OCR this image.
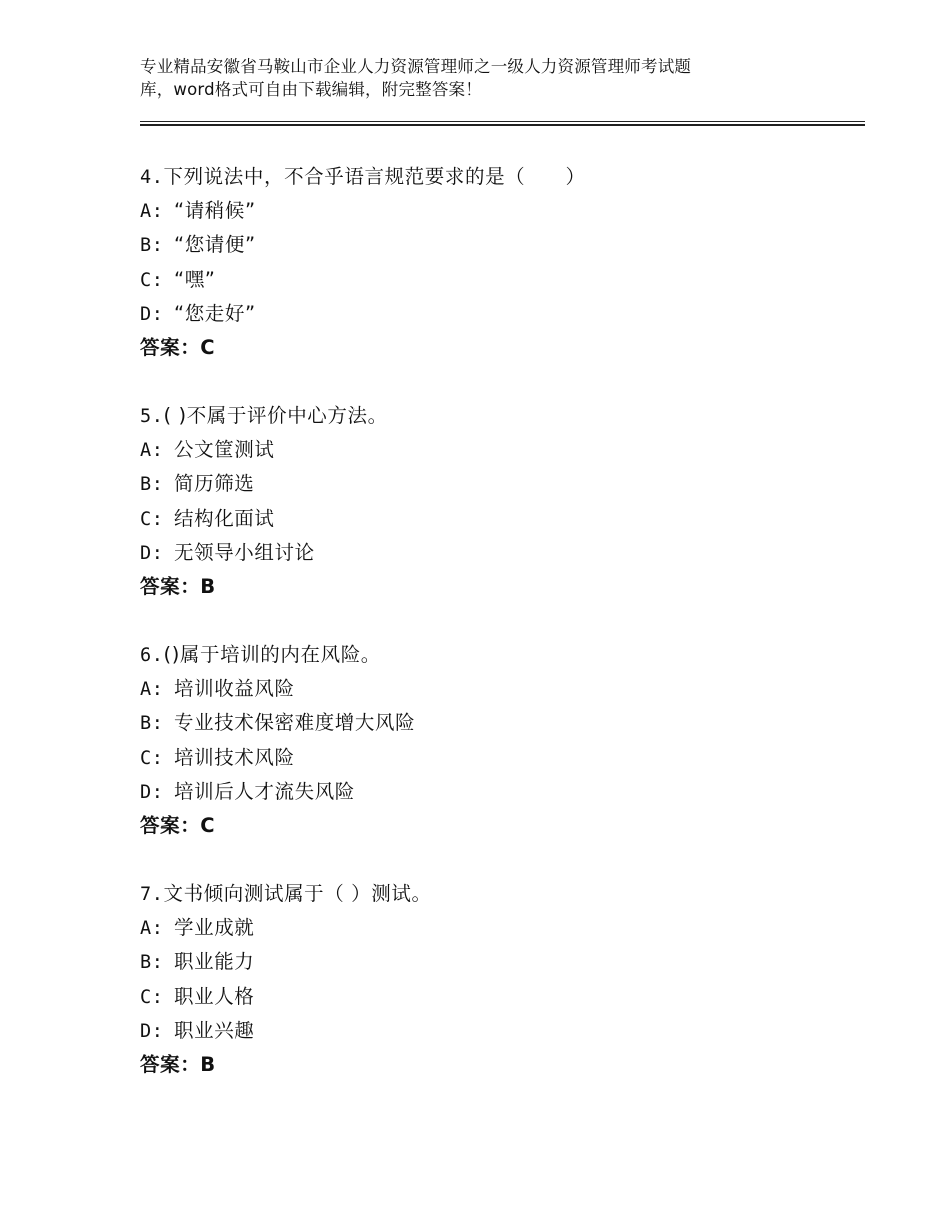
专业精品安徽省马鞍山市企业人力资源管理师之一级人力资源管理师考试题
库，word格式可自由下载编辑，附完整答案！
4.下列说法中，不合乎语言规范要求的是（　　）
A: “请稍候”
B: “您请便”
C: “嘿”
D: “您走好”
答案：C
5.( )不属于评价中心方法。
A: 公文筐测试
B: 简历筛选
C: 结构化面试
D: 无领导小组讨论
答案：B
6.()属于培训的内在风险。
A: 培训收益风险
B: 专业技术保密难度增大风险
C: 培训技术风险
D: 培训后人才流失风险
答案：C
7.文书倾向测试属于（ ）测试。
A: 学业成就
B: 职业能力
C: 职业人格
D: 职业兴趣
答案：B
